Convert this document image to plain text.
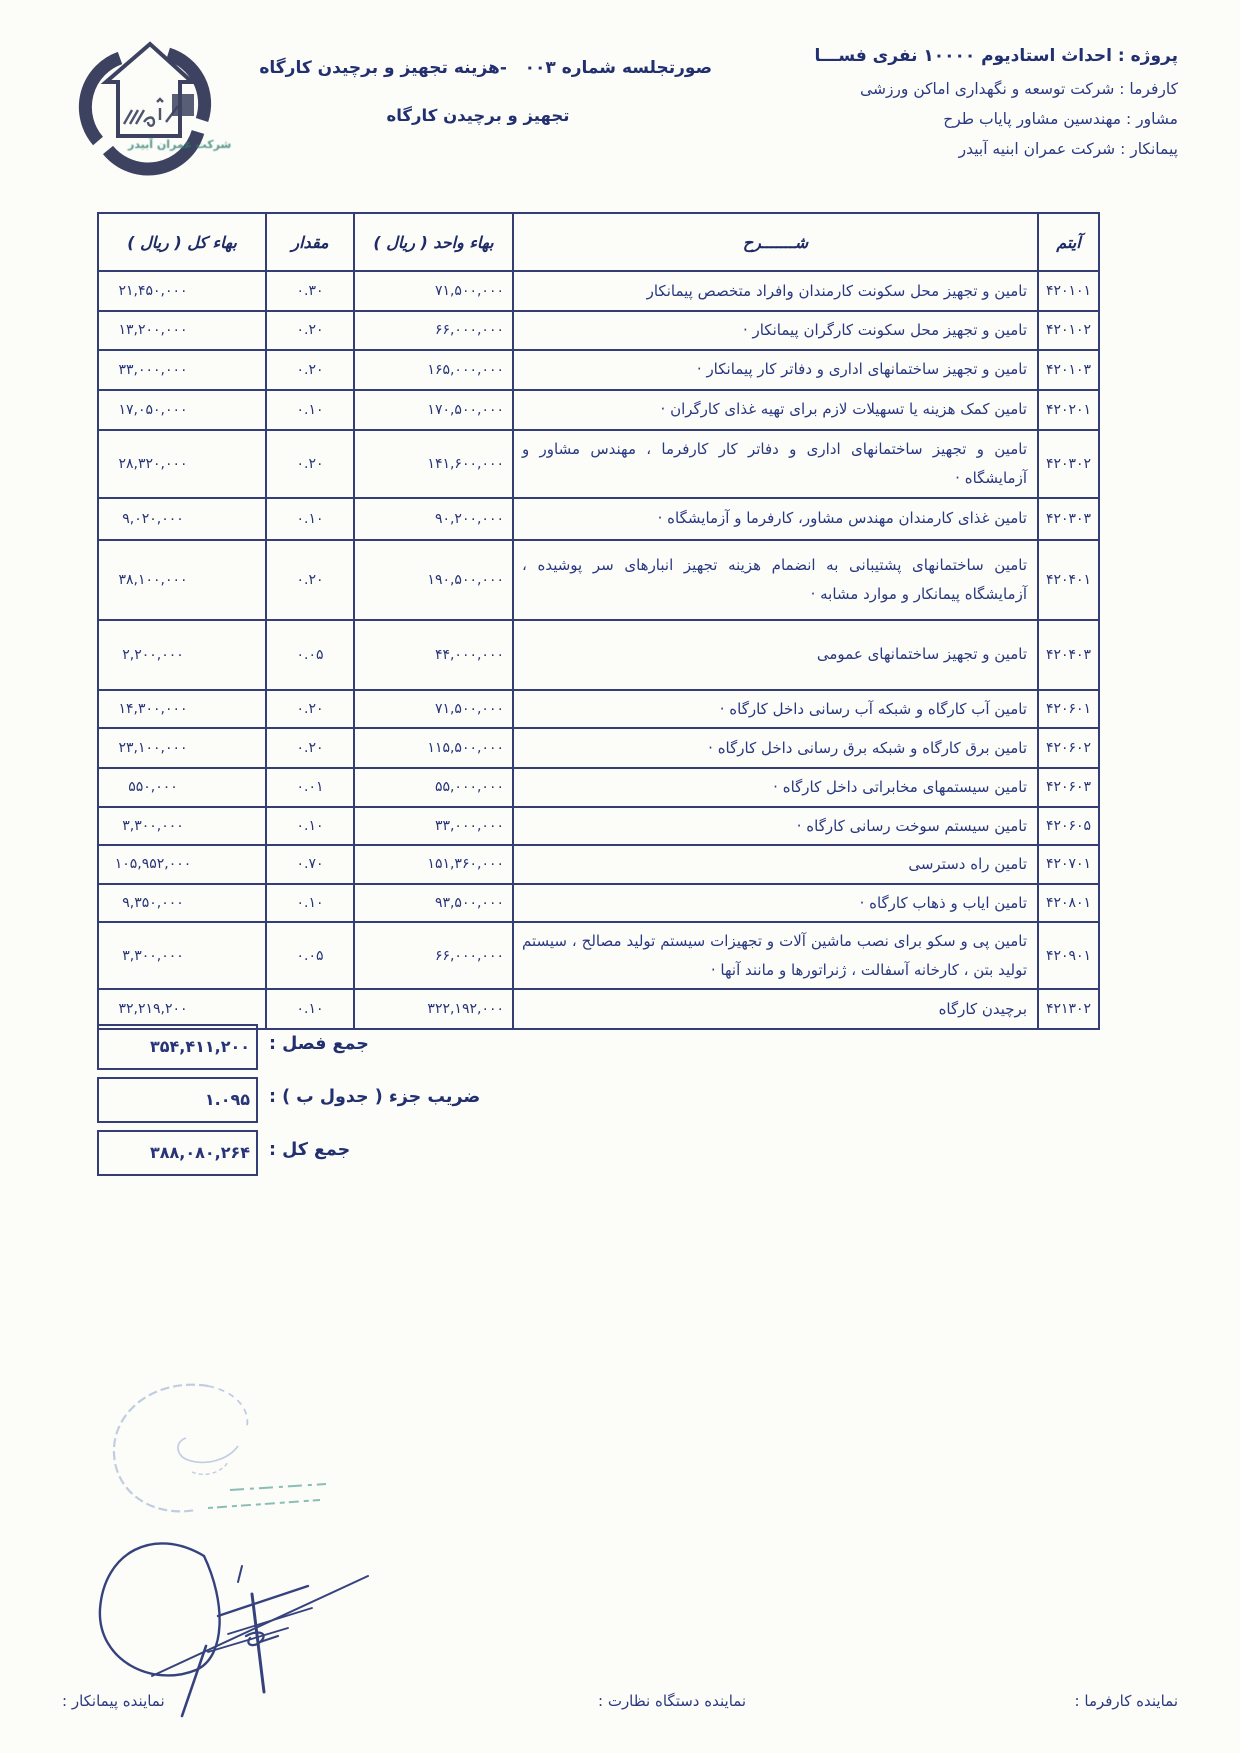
شرکت عمران آبیدر
پروژه : احداث استادیوم ۱۰۰۰۰ نفری فســـا
کارفرما : شرکت توسعه و نگهداری اماکن ورزشی
مشاور : مهندسین مشاور پایاب طرح
پیمانکار : شرکت عمران ابنیه آبیدر
صورتجلسه شماره ۰۰۳   -هزینه تجهیز و برچیدن کارگاه
تجهیز و برچیدن کارگاه
آیتم	شـــــــرح	بهاء واحد ( ریال )	مقدار	بهاء کل ( ریال )
۴۲۰۱۰۱	تامین و تجهیز محل سکونت کارمندان وافراد متخصص پیمانکار	۷۱,۵۰۰,۰۰۰	۰.۳۰	۲۱,۴۵۰,۰۰۰
۴۲۰۱۰۲	تامین و تجهیز محل سکونت کارگران پیمانکار ·	۶۶,۰۰۰,۰۰۰	۰.۲۰	۱۳,۲۰۰,۰۰۰
۴۲۰۱۰۳	تامین و تجهیز ساختمانهای اداری و دفاتر کار پیمانکار ·	۱۶۵,۰۰۰,۰۰۰	۰.۲۰	۳۳,۰۰۰,۰۰۰
۴۲۰۲۰۱	تامین کمک هزینه یا تسهیلات لازم برای تهیه غذای کارگران ·	۱۷۰,۵۰۰,۰۰۰	۰.۱۰	۱۷,۰۵۰,۰۰۰
۴۲۰۳۰۲	تامین و تجهیز ساختمانهای اداری و دفاتر کار کارفرما ، مهندس مشاور و آزمایشگاه ·	۱۴۱,۶۰۰,۰۰۰	۰.۲۰	۲۸,۳۲۰,۰۰۰
۴۲۰۳۰۳	تامین غذای کارمندان مهندس مشاور، کارفرما و آزمایشگاه ·	۹۰,۲۰۰,۰۰۰	۰.۱۰	۹,۰۲۰,۰۰۰
۴۲۰۴۰۱	تامین ساختمانهای پشتیبانی به انضمام هزینه تجهیز انبارهای سر پوشیده ، آزمایشگاه پیمانکار و موارد مشابه ·	۱۹۰,۵۰۰,۰۰۰	۰.۲۰	۳۸,۱۰۰,۰۰۰
۴۲۰۴۰۳	تامین و تجهیز ساختمانهای عمومی	۴۴,۰۰۰,۰۰۰	۰.۰۵	۲,۲۰۰,۰۰۰
۴۲۰۶۰۱	تامین آب کارگاه و شبکه آب رسانی داخل کارگاه ·	۷۱,۵۰۰,۰۰۰	۰.۲۰	۱۴,۳۰۰,۰۰۰
۴۲۰۶۰۲	تامین برق کارگاه و شبکه برق رسانی داخل کارگاه ·	۱۱۵,۵۰۰,۰۰۰	۰.۲۰	۲۳,۱۰۰,۰۰۰
۴۲۰۶۰۳	تامین سیستمهای مخابراتی داخل کارگاه ·	۵۵,۰۰۰,۰۰۰	۰.۰۱	۵۵۰,۰۰۰
۴۲۰۶۰۵	تامین سیستم سوخت رسانی کارگاه ·	۳۳,۰۰۰,۰۰۰	۰.۱۰	۳,۳۰۰,۰۰۰
۴۲۰۷۰۱	تامین راه دسترسی	۱۵۱,۳۶۰,۰۰۰	۰.۷۰	۱۰۵,۹۵۲,۰۰۰
۴۲۰۸۰۱	تامین ایاب و ذهاب کارگاه ·	۹۳,۵۰۰,۰۰۰	۰.۱۰	۹,۳۵۰,۰۰۰
۴۲۰۹۰۱	تامین پی و سکو برای نصب ماشین آلات و تجهیزات سیستم تولید مصالح ، سیستم تولید بتن ، کارخانه آسفالت ، ژنراتورها و مانند آنها ·	۶۶,۰۰۰,۰۰۰	۰.۰۵	۳,۳۰۰,۰۰۰
۴۲۱۳۰۲	برچیدن کارگاه	۳۲۲,۱۹۲,۰۰۰	۰.۱۰	۳۲,۲۱۹,۲۰۰
۳۵۴,۴۱۱,۲۰۰	جمع فصل :
۱.۰۹۵	ضریب جزء ( جدول ب ) :
۳۸۸,۰۸۰,۲۶۴	جمع کل :
نماینده کارفرما :
نماینده دستگاه نظارت :
نماینده پیمانکار :
